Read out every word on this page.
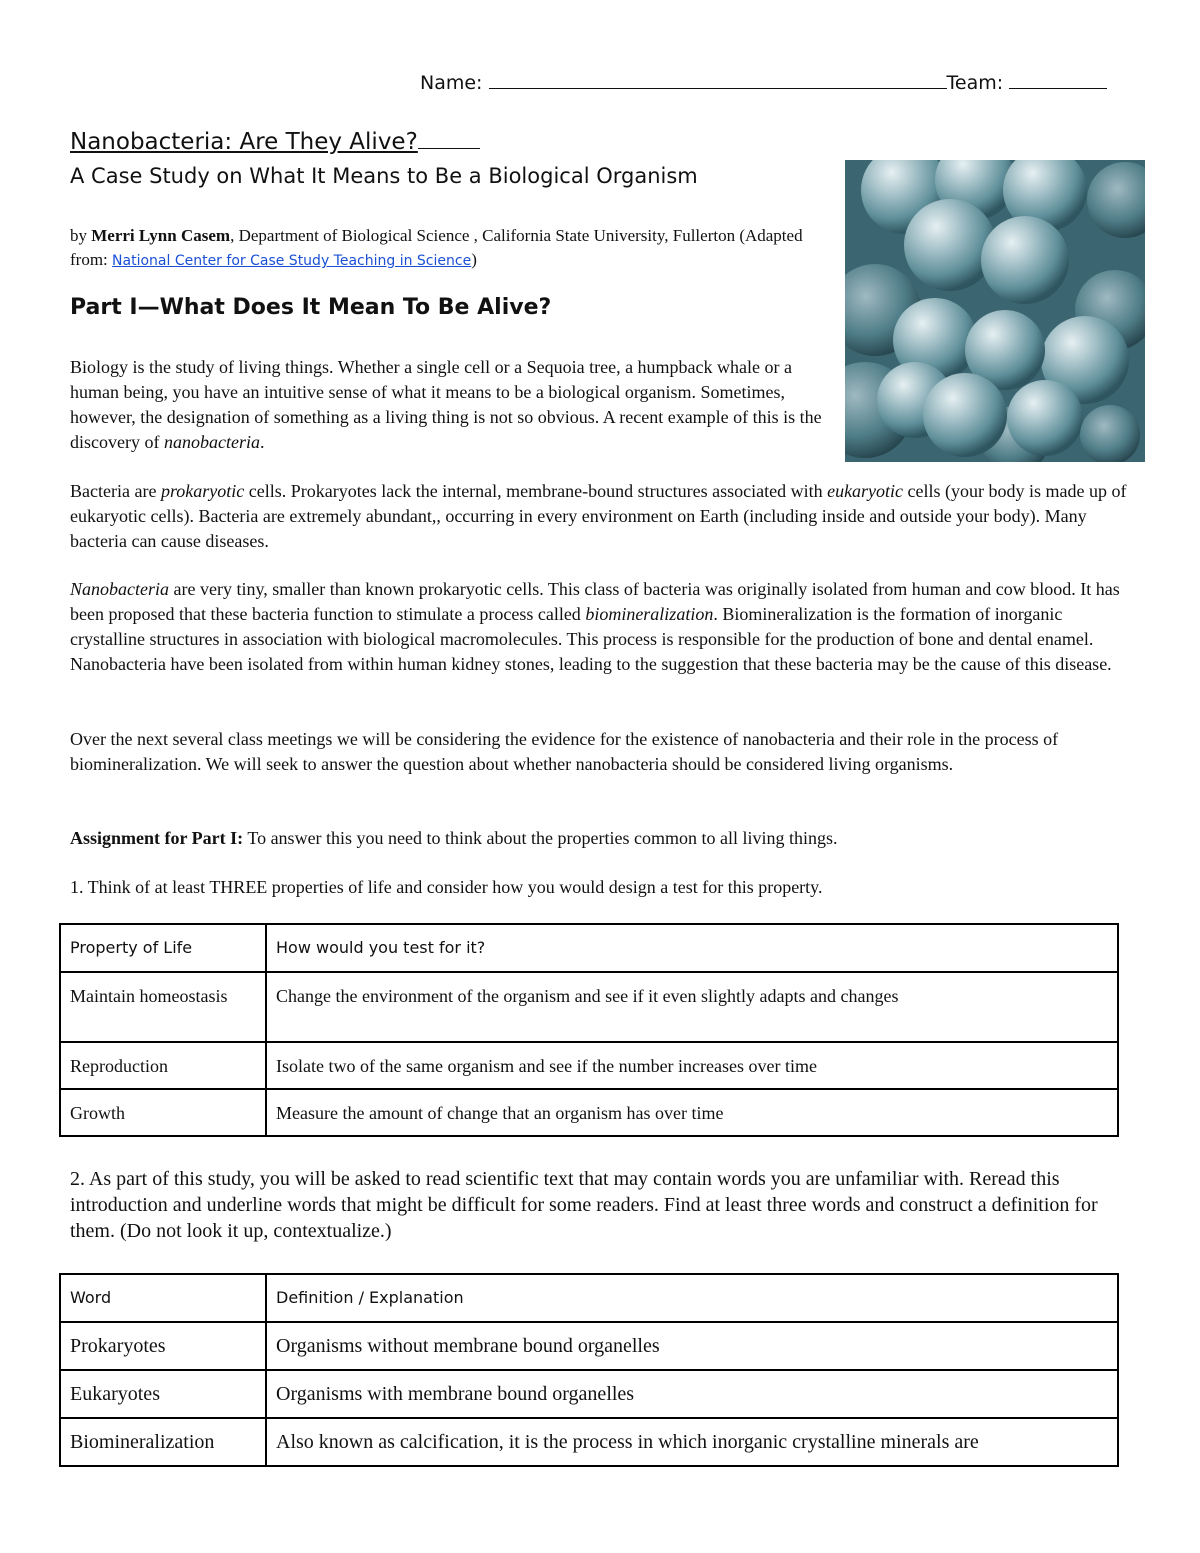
Name:	Team:
Nanobacteria: Are They Alive?
A Case Study on What It Means to Be a Biological Organism
by Merri Lynn Casem, Department of Biological Science , California State University, Fullerton (Adapted from: National Center for Case Study Teaching in Science)
Part I—What Does It Mean To Be Alive?

Biology is the study of living things. Whether a single cell or a Sequoia tree, a humpback whale or a human being, you have an intuitive sense of what it means to be a biological organism. Sometimes, however, the designation of something as a living thing is not so obvious. A recent example of this is the discovery of nanobacteria.

Bacteria are prokaryotic cells. Prokaryotes lack the internal, membrane-bound structures associated with eukaryotic cells (your body is made up of eukaryotic cells). Bacteria are extremely abundant,, occurring in every environment on Earth (including inside and outside your body). Many bacteria can cause diseases.

Nanobacteria are very tiny, smaller than known prokaryotic cells. This class of bacteria was originally isolated from human and cow blood. It has been proposed that these bacteria function to stimulate a process called biomineralization. Biomineralization is the formation of inorganic crystalline structures in association with biological macromolecules. This process is responsible for the production of bone and dental enamel. Nanobacteria have been isolated from within human kidney stones, leading to the suggestion that these bacteria may be the cause of this disease.

Over the next several class meetings we will be considering the evidence for the existence of nanobacteria and their role in the process of biomineralization. We will seek to answer the question about whether nanobacteria should be considered living organisms.

Assignment for Part I: To answer this you need to think about the properties common to all living things.

1. Think of at least THREE properties of life and consider how you would design a test for this property.

Property of Life	How would you test for it?
Maintain homeostasis	Change the environment of the organism and see if it even slightly adapts and changes
Reproduction	Isolate two of the same organism and see if the number increases over time
Growth	Measure the amount of change that an organism has over time

2. As part of this study, you will be asked to read scientific text that may contain words you are unfamiliar with. Reread this introduction and underline words that might be difficult for some readers. Find at least three words and construct a definition for them. (Do not look it up, contextualize.)

Word	Definition / Explanation
Prokaryotes	Organisms without membrane bound organelles
Eukaryotes	Organisms with membrane bound organelles
Biomineralization	Also known as calcification, it is the process in which inorganic crystalline minerals are
